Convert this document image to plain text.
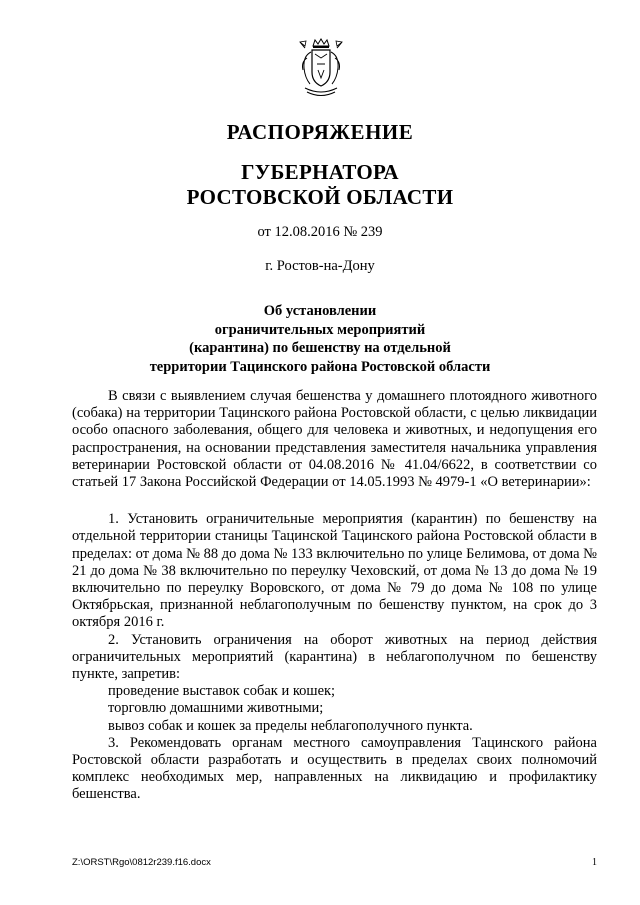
РАСПОРЯЖЕНИЕ
ГУБЕРНАТОРА
РОСТОВСКОЙ ОБЛАСТИ
от 12.08.2016 № 239
г. Ростов-на-Дону
Об установлении
ограничительных мероприятий
(карантина) по бешенству на отдельной
территории Тацинского района Ростовской области

В связи с выявлением случая бешенства у домашнего плотоядного животного (собака) на территории Тацинского района Ростовской области, с целью ликвидации особо опасного заболевания, общего для человека и животных, и недопущения его распространения, на основании представления заместителя начальника управления ветеринарии Ростовской области от 04.08.2016 № 41.04/6622, в соответствии со статьей 17 Закона Российской Федерации от 14.05.1993 № 4979-1 «О ветеринарии»:

1. Установить ограничительные мероприятия (карантин) по бешенству на отдельной территории станицы Тацинской Тацинского района Ростовской области в пределах: от дома № 88 до дома № 133 включительно по улице Белимова, от дома № 21 до дома № 38 включительно по переулку Чеховский, от дома № 13 до дома № 19 включительно по переулку Воровского, от дома № 79 до дома № 108 по улице Октябрьская, признанной неблагополучным по бешенству пунктом, на срок до 3 октября 2016 г.

2. Установить ограничения на оборот животных на период действия ограничительных мероприятий (карантина) в неблагополучном по бешенству пункте, запретив:

проведение выставок собак и кошек;

торговлю домашними животными;

вывоз собак и кошек за пределы неблагополучного пункта.

3. Рекомендовать органам местного самоуправления Тацинского района Ростовской области разработать и осуществить в пределах своих полномочий комплекс необходимых мер, направленных на ликвидацию и профилактику бешенства.

Z:\ORST\Rgo\0812r239.f16.docx	1
